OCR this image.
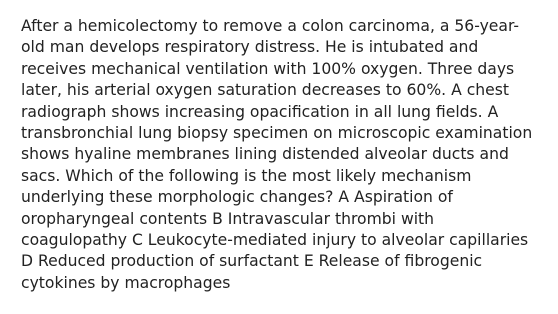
After a hemicolectomy to remove a colon carcinoma, a 56-year-
old man develops respiratory distress. He is intubated and
receives mechanical ventilation with 100% oxygen. Three days
later, his arterial oxygen saturation decreases to 60%. A chest
radiograph shows increasing opacification in all lung fields. A
transbronchial lung biopsy specimen on microscopic examination
shows hyaline membranes lining distended alveolar ducts and
sacs. Which of the following is the most likely mechanism
underlying these morphologic changes? A Aspiration of
oropharyngeal contents B Intravascular thrombi with
coagulopathy C Leukocyte-mediated injury to alveolar capillaries
D Reduced production of surfactant E Release of fibrogenic
cytokines by macrophages
